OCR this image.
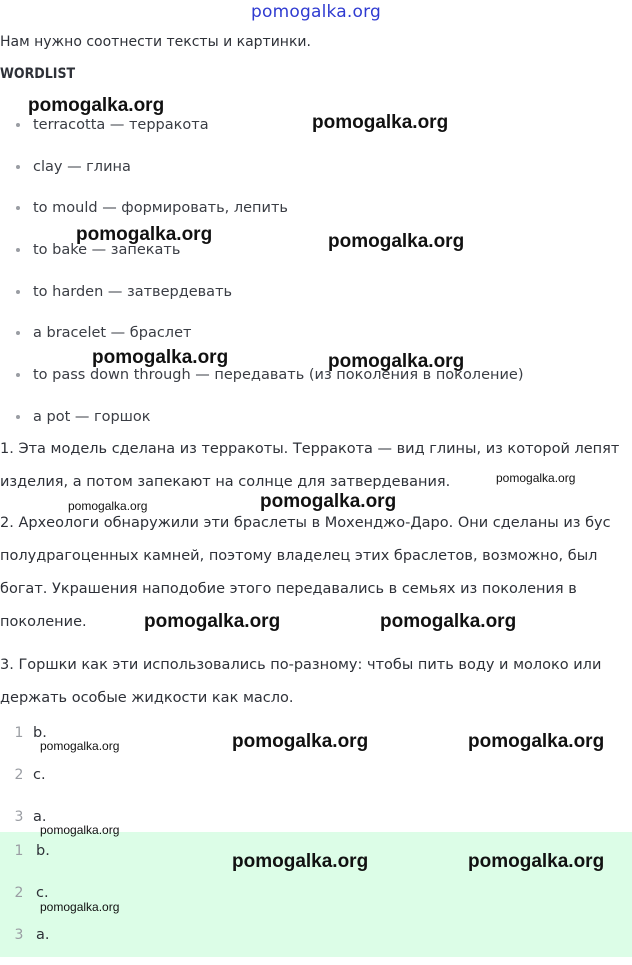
pomogalka.org
Нам нужно соотнести тексты и картинки.
WORDLIST
terracotta — терракота
clay — глина
to mould — формировать, лепить
to bake — запекать
to harden — затвердевать
a bracelet — браслет
to pass down through — передавать (из поколения в поколение)
a pot — горшок
1. Эта модель сделана из терракоты. Терракота — вид глины, из которой лепят
изделия, а потом запекают на солнце для затвердевания.
2. Археологи обнаружили эти браслеты в Мохенджо-Даро. Они сделаны из бус
полудрагоценных камней, поэтому владелец этих браслетов, возможно, был
богат. Украшения наподобие этого передавались в семьях из поколения в
поколение.
3. Горшки как эти использовались по-разному: чтобы пить воду и молоко или
держать особые жидкости как масло.
1 b.
2 c.
3 a.
1 b.
2 c.
3 a.
pomogalka.org
pomogalka.org
pomogalka.org	pomogalka.org
pomogalka.org	pomogalka.org
pomogalka.org
pomogalka.org	pomogalka.org
pomogalka.org	pomogalka.org
pomogalka.org	pomogalka.org	pomogalka.org
pomogalka.org
pomogalka.org	pomogalka.org
pomogalka.org
